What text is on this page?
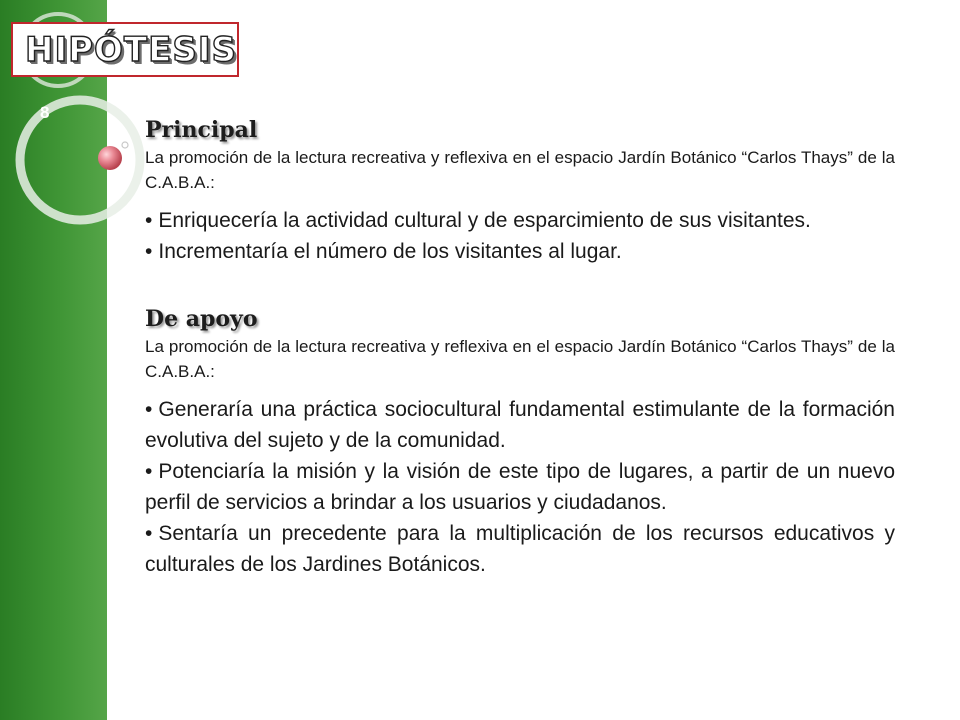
HIPÓTESIS
8
Principal
La promoción de la lectura recreativa y reflexiva en el espacio Jardín Botánico “Carlos Thays” de la C.A.B.A.:
• Enriquecería la actividad cultural y de esparcimiento de sus visitantes.
• Incrementaría el número de los visitantes al lugar.
De apoyo
La promoción de la lectura recreativa y reflexiva en el espacio Jardín Botánico “Carlos Thays” de la C.A.B.A.:
• Generaría una práctica sociocultural fundamental estimulante de la formación evolutiva del sujeto y de la comunidad.
• Potenciaría la misión y la visión de este tipo de lugares, a partir de un nuevo perfil de servicios a brindar a los usuarios y ciudadanos.
• Sentaría un precedente para la multiplicación de los recursos educativos y culturales de los Jardines Botánicos.
